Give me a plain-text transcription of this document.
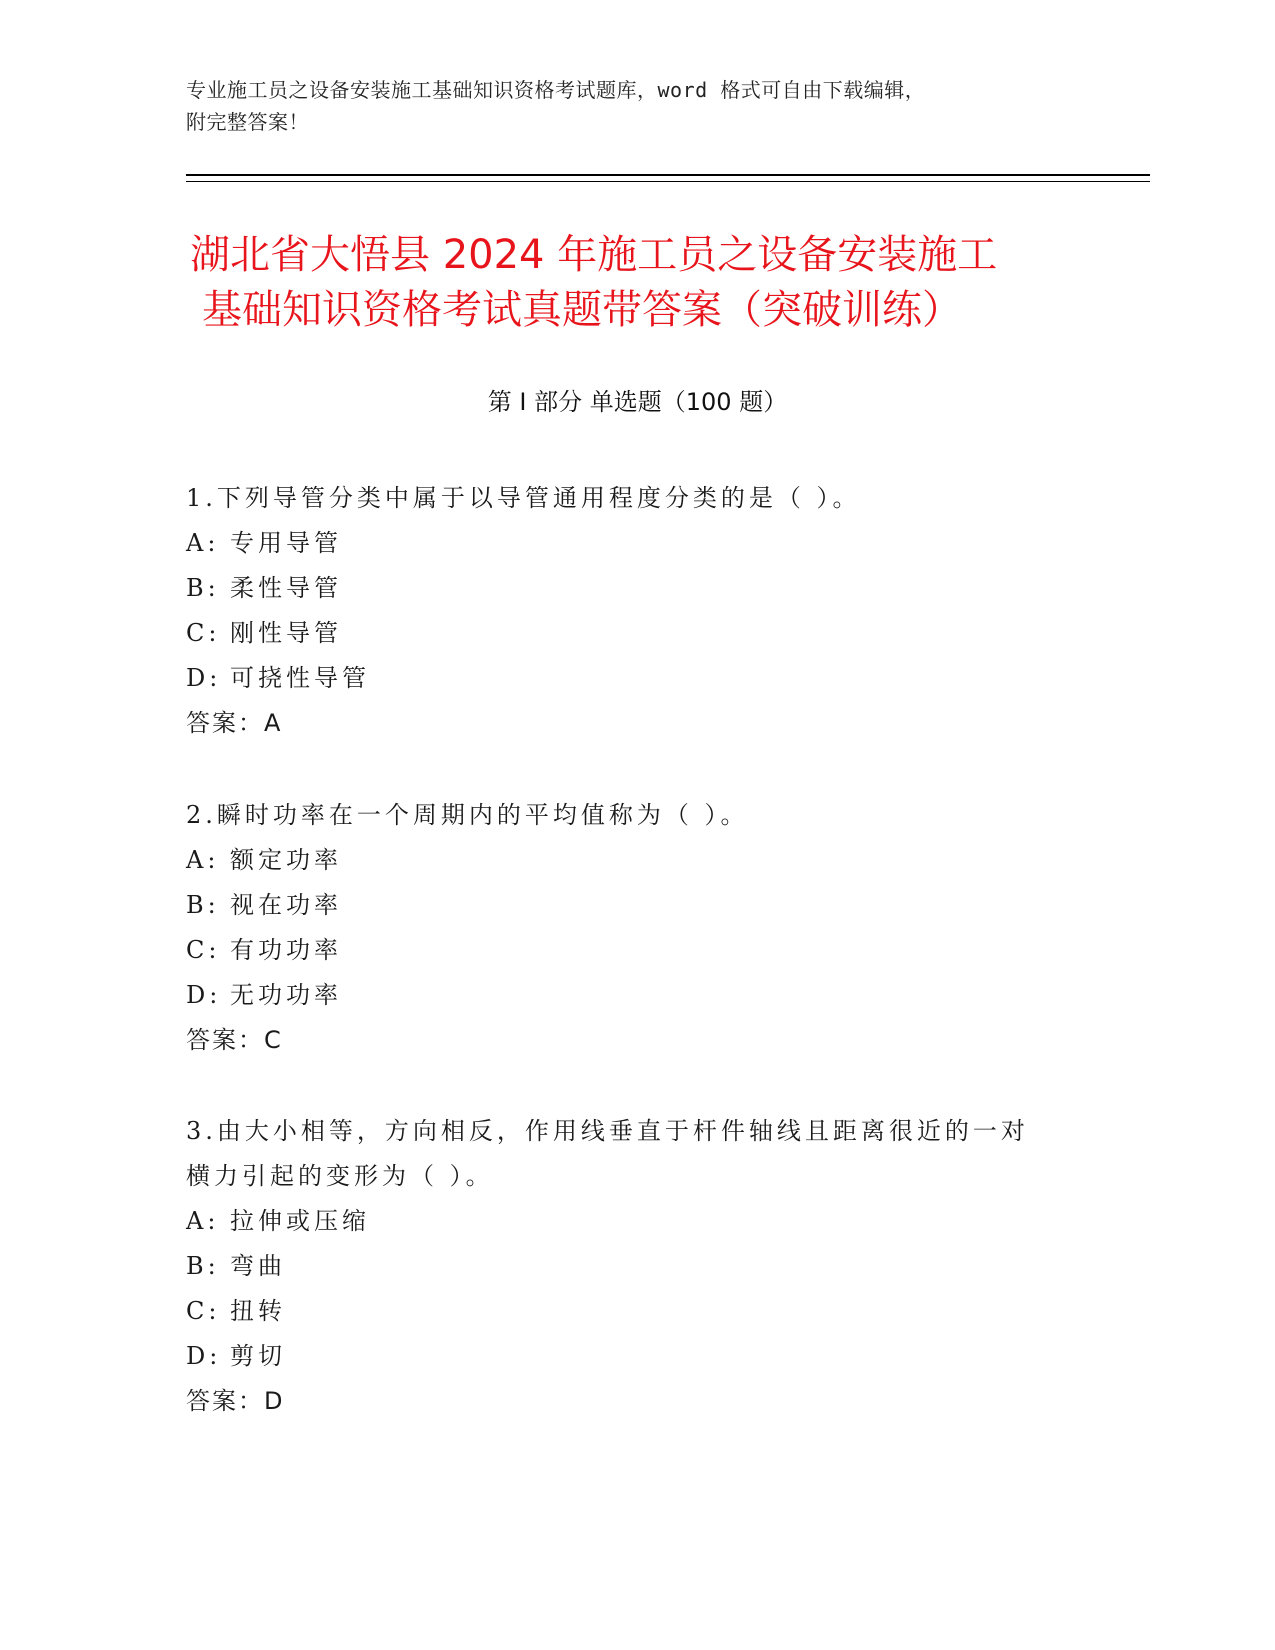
专业施工员之设备安装施工基础知识资格考试题库，word 格式可自由下载编辑，
附完整答案！
湖北省大悟县 2024 年施工员之设备安装施工
基础知识资格考试真题带答案（突破训练）
第 I 部分 单选题（100 题）

1.下列导管分类中属于以导管通用程度分类的是（ ）。

A: 专用导管

B: 柔性导管

C: 刚性导管

D: 可挠性导管

答案：A

2.瞬时功率在一个周期内的平均值称为（ ）。

A: 额定功率

B: 视在功率

C: 有功功率

D: 无功功率

答案：C

3.由大小相等，方向相反，作用线垂直于杆件轴线且距离很近的一对

横力引起的变形为（ ）。

A: 拉伸或压缩

B: 弯曲

C: 扭转

D: 剪切

答案：D
